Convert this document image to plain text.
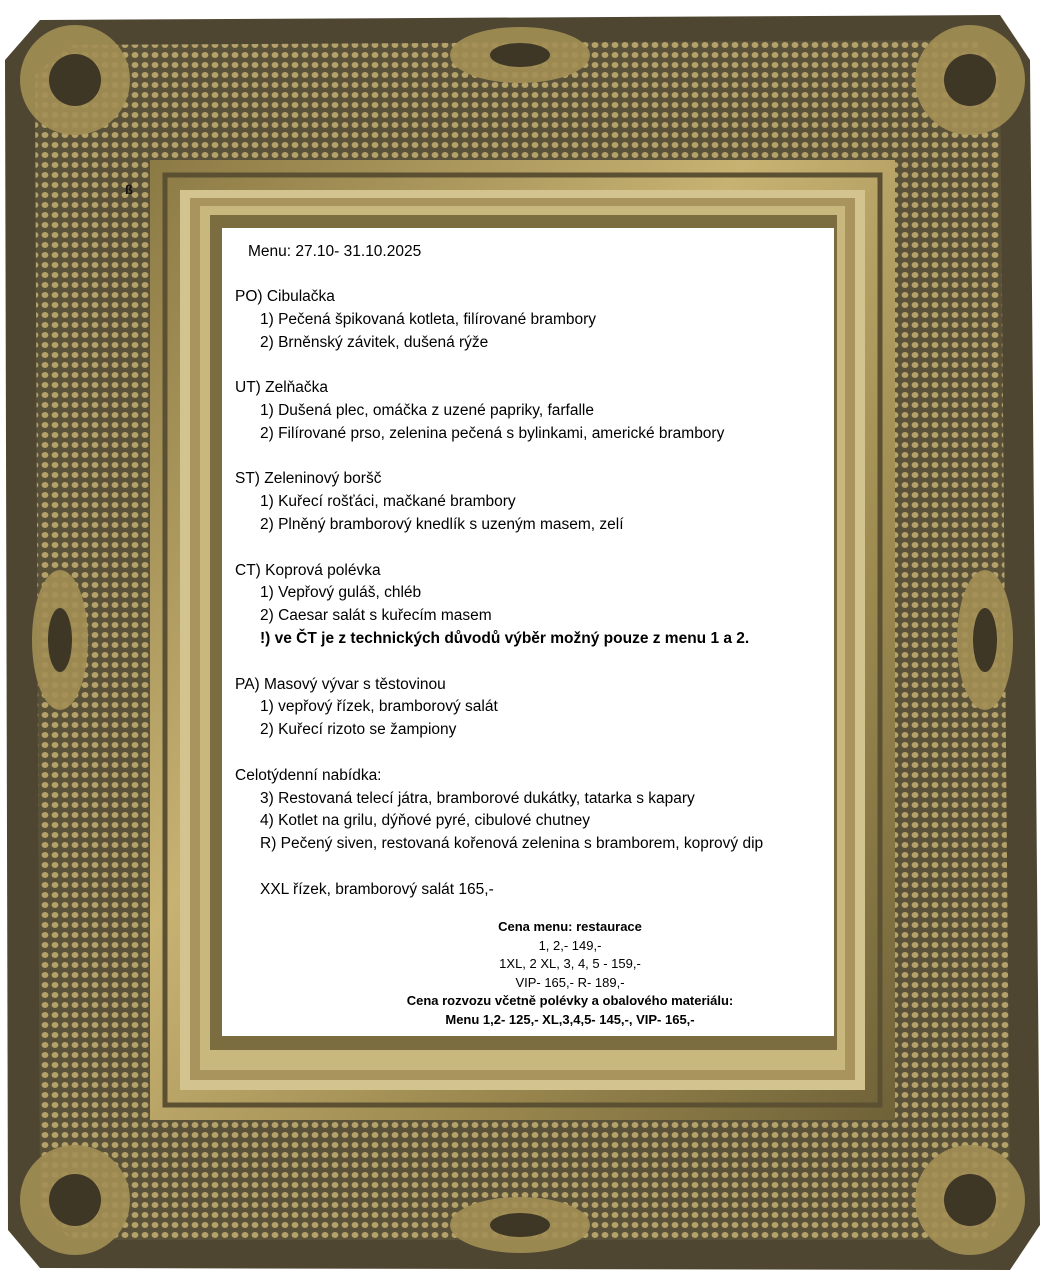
ß
Menu: 27.10- 31.10.2025
PO) Cibulačka
1) Pečená špikovaná kotleta, filírované brambory
2) Brněnský závitek, dušená rýže
UT) Zelňačka
1) Dušená plec, omáčka z uzené papriky, farfalle
2) Filírované prso, zelenina pečená s bylinkami, americké brambory
ST) Zeleninový boršč
1) Kuřecí rošťáci, mačkané brambory
2) Plněný bramborový knedlík s uzeným masem, zelí
CT) Koprová polévka
1) Vepřový guláš, chléb
2) Caesar salát s kuřecím masem
!) ve ČT je z technických důvodů výběr možný pouze z menu 1 a 2.
PA) Masový vývar s těstovinou
1) vepřový řízek, bramborový salát
2) Kuřecí rizoto se žampiony
Celotýdenní nabídka:
3) Restovaná telecí játra, bramborové dukátky, tatarka s kapary
4) Kotlet na grilu, dýňové pyré, cibulové chutney
R) Pečený siven, restovaná kořenová zelenina s bramborem, koprový dip
XXL řízek, bramborový salát 165,-
Cena menu: restaurace
1, 2,- 149,-
1XL, 2 XL, 3, 4, 5 - 159,-
VIP- 165,- R- 189,-
Cena rozvozu včetně polévky a obalového materiálu:
Menu 1,2- 125,- XL,3,4,5- 145,-, VIP- 165,-
